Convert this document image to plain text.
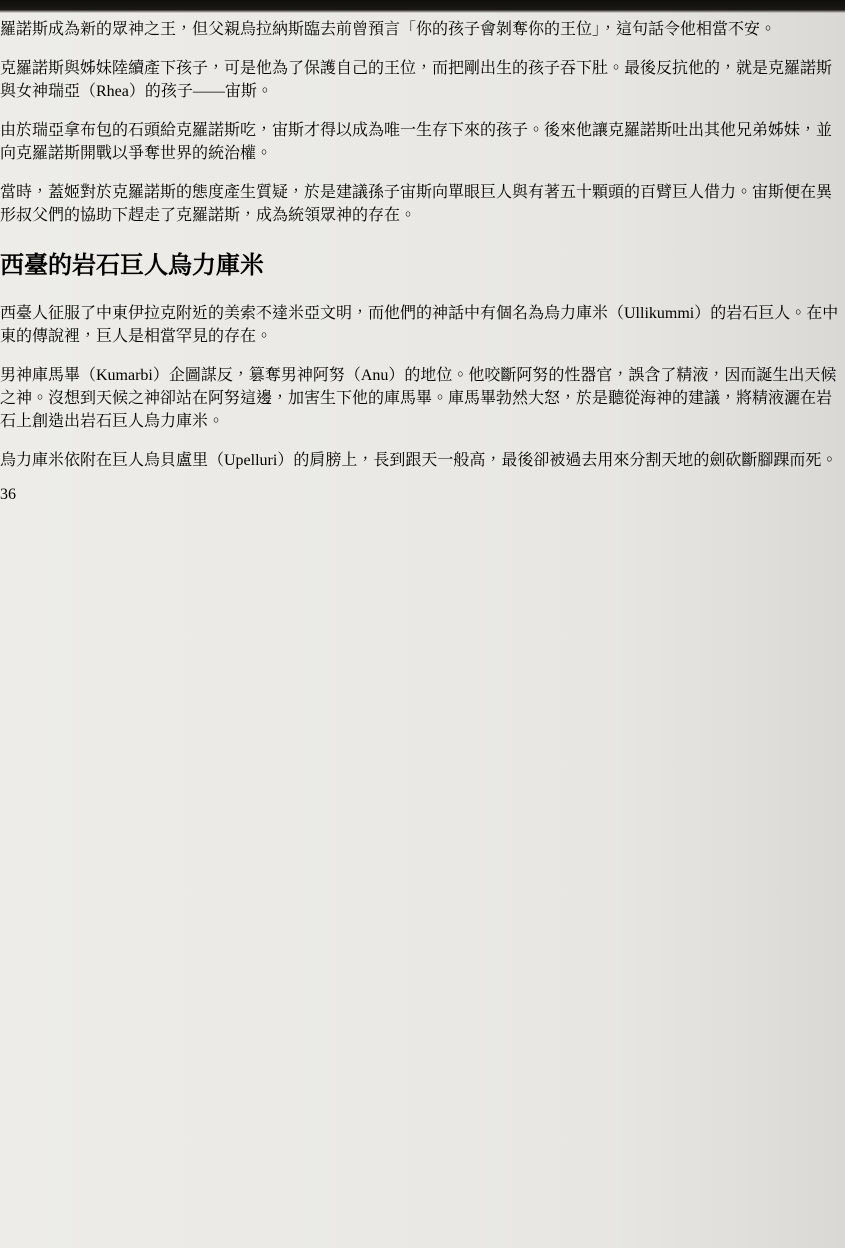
羅諾斯成為新的眾神之王，但父親烏拉納斯臨去前曾預言「你的孩子會剝奪你的王位」，這句話令他相當不安。

克羅諾斯與姊妹陸續產下孩子，可是他為了保護自己的王位，而把剛出生的孩子吞下肚。最後反抗他的，就是克羅諾斯與女神瑞亞（Rhea）的孩子——宙斯。

由於瑞亞拿布包的石頭給克羅諾斯吃，宙斯才得以成為唯一生存下來的孩子。後來他讓克羅諾斯吐出其他兄弟姊妹，並向克羅諾斯開戰以爭奪世界的統治權。

當時，蓋姬對於克羅諾斯的態度產生質疑，於是建議孫子宙斯向單眼巨人與有著五十顆頭的百臂巨人借力。宙斯便在異形叔父們的協助下趕走了克羅諾斯，成為統領眾神的存在。

西臺的岩石巨人烏力庫米

西臺人征服了中東伊拉克附近的美索不達米亞文明，而他們的神話中有個名為烏力庫米（Ullikummi）的岩石巨人。在中東的傳說裡，巨人是相當罕見的存在。

男神庫馬畢（Kumarbi）企圖謀反，篡奪男神阿努（Anu）的地位。他咬斷阿努的性器官，誤含了精液，因而誕生出天候之神。沒想到天候之神卻站在阿努這邊，加害生下他的庫馬畢。庫馬畢勃然大怒，於是聽從海神的建議，將精液灑在岩石上創造出岩石巨人烏力庫米。

烏力庫米依附在巨人烏貝盧里（Upelluri）的肩膀上，長到跟天一般高，最後卻被過去用來分割天地的劍砍斷腳踝而死。

36
